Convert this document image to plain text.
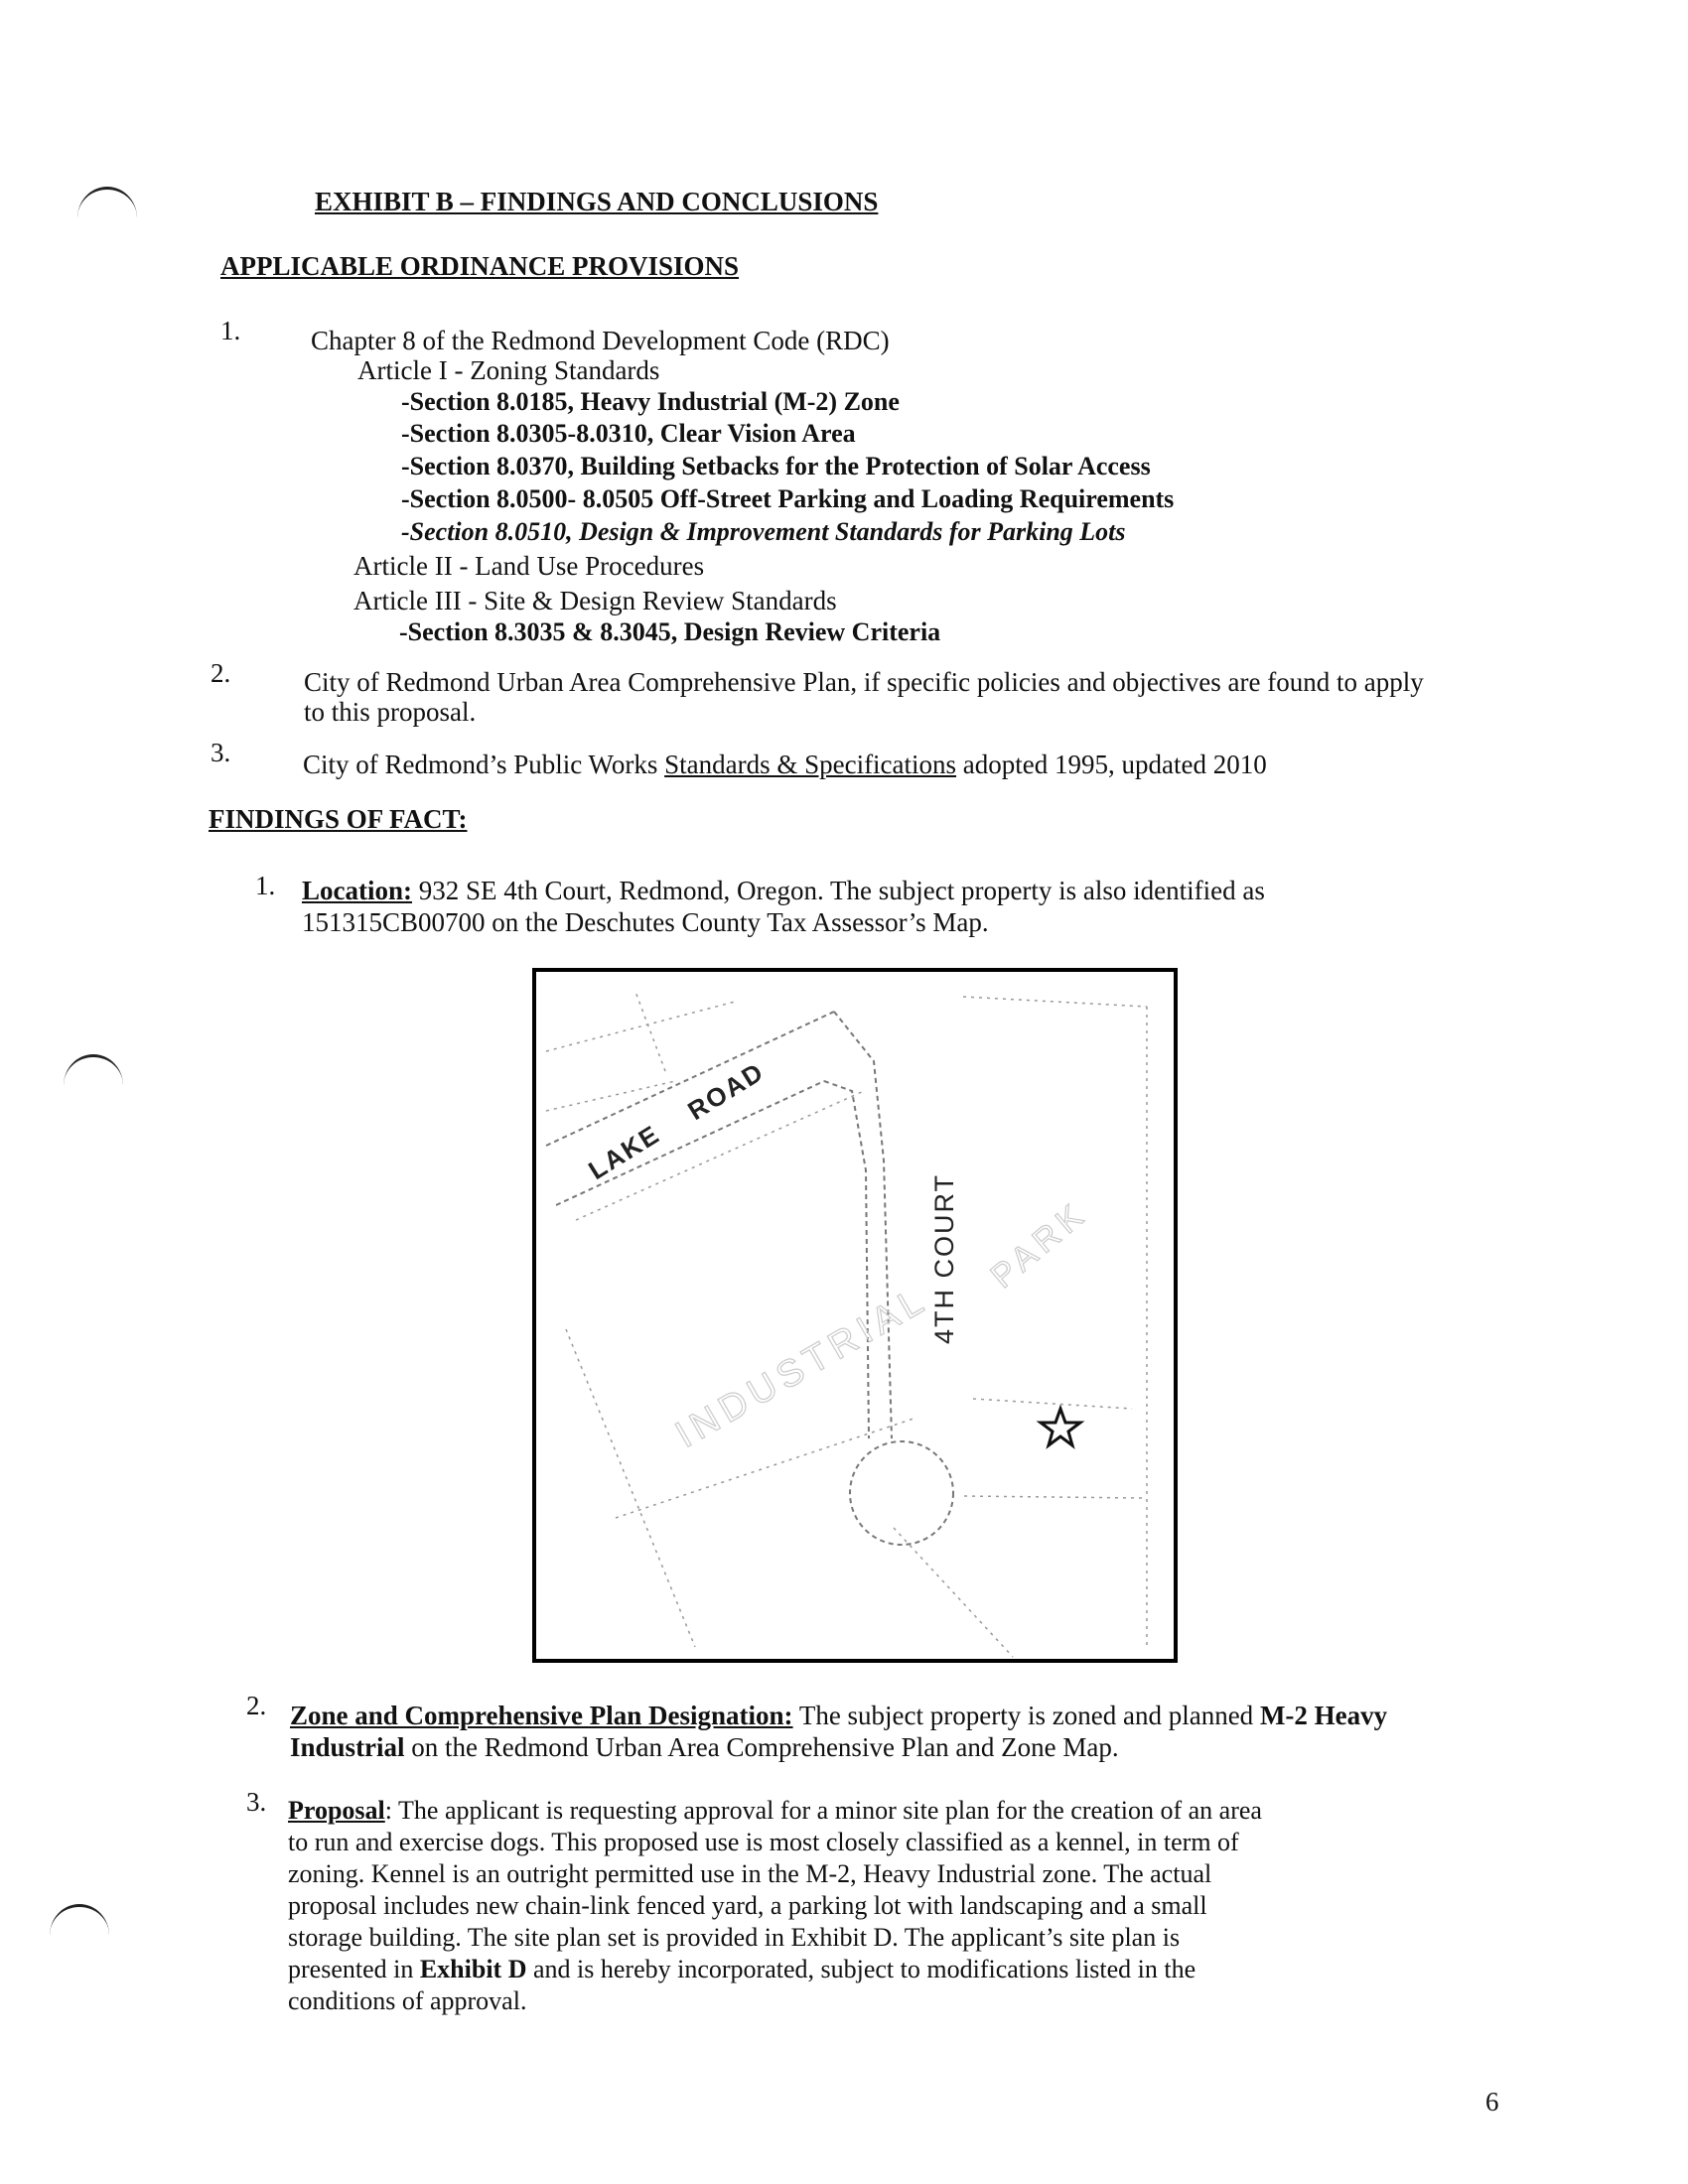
EXHIBIT B – FINDINGS AND CONCLUSIONS
APPLICABLE ORDINANCE PROVISIONS
1.	Chapter 8 of the Redmond Development Code (RDC)
Article I - Zoning Standards
-Section 8.0185, Heavy Industrial (M-2) Zone
-Section 8.0305-8.0310, Clear Vision Area
-Section 8.0370, Building Setbacks for the Protection of Solar Access
-Section 8.0500- 8.0505 Off-Street Parking and Loading Requirements
-Section 8.0510, Design & Improvement Standards for Parking Lots
Article II - Land Use Procedures
Article III - Site & Design Review Standards
-Section 8.3035 & 8.3045, Design Review Criteria
2.	City of Redmond Urban Area Comprehensive Plan, if specific policies and objectives are found to apply
to this proposal.
3.	City of Redmond’s Public Works Standards & Specifications adopted 1995, updated 2010
FINDINGS OF FACT:
1. Location: 932 SE 4th Court, Redmond, Oregon. The subject property is also identified as
151315CB00700 on the Deschutes County Tax Assessor’s Map.
INDUSTRIAL
PARK
LAKE
ROAD
4TH COURT
2. Zone and Comprehensive Plan Designation: The subject property is zoned and planned M-2 Heavy
Industrial on the Redmond Urban Area Comprehensive Plan and Zone Map.
3. Proposal: The applicant is requesting approval for a minor site plan for the creation of an area
to run and exercise dogs. This proposed use is most closely classified as a kennel, in term of
zoning. Kennel is an outright permitted use in the M-2, Heavy Industrial zone. The actual
proposal includes new chain-link fenced yard, a parking lot with landscaping and a small
storage building. The site plan set is provided in Exhibit D. The applicant’s site plan is
presented in Exhibit D and is hereby incorporated, subject to modifications listed in the
conditions of approval.
6
